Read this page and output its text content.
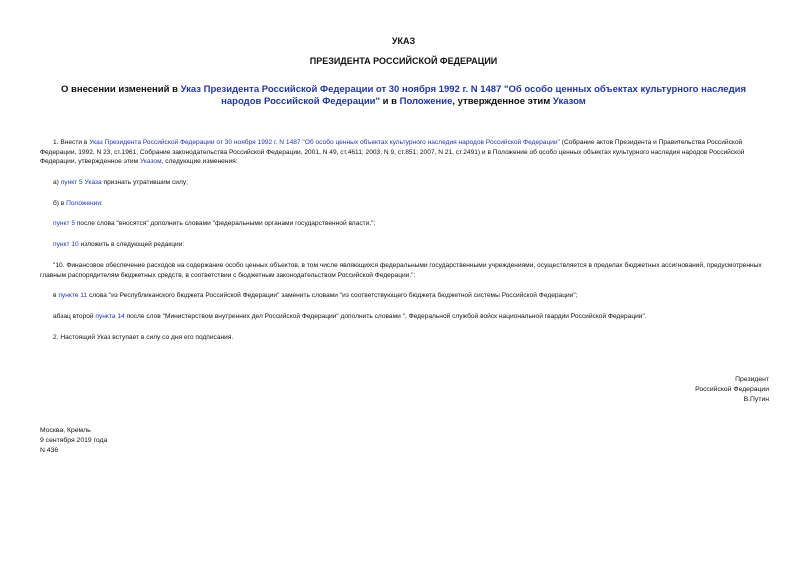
УКАЗ
ПРЕЗИДЕНТА РОССИЙСКОЙ ФЕДЕРАЦИИ
О внесении изменений в Указ Президента Российской Федерации от 30 ноября 1992 г. N 1487 "Об особо ценных объектах культурного наследия народов Российской Федерации" и в Положение, утвержденное этим Указом

1. Внести в Указ Президента Российской Федерации от 30 ноября 1992 г. N 1487 "Об особо ценных объектах культурного наследия народов Российской Федерации" (Собрание актов Президента и Правительства Российской Федерации, 1992, N 23, ст.1961; Собрание законодательства Российской Федерации, 2001, N 49, ст.4611; 2003, N 9, ст.851; 2007, N 21, ст.2491) и в Положение об особо ценных объектах культурного наследия народов Российской Федерации, утвержденное этим Указом, следующие изменения:

а) пункт 5 Указа признать утратившим силу;

б) в Положении:

пункт 5 после слова "вносятся" дополнить словами "федеральными органами государственной власти,";

пункт 10 изложить в следующей редакции:

"10. Финансовое обеспечение расходов на содержание особо ценных объектов, в том числе являющихся федеральными государственными учреждениями, осуществляется в пределах бюджетных ассигнований, предусмотренных главным распорядителям бюджетных средств, в соответствии с бюджетным законодательством Российской Федерации.";

в пункте 11 слова "из Республиканского бюджета Российской Федерации" заменить словами "из соответствующего бюджета бюджетной системы Российской Федерации";

абзац второй пункта 14 после слов "Министерством внутренних дел Российской Федерации" дополнить словами ", Федеральной службой войск национальной гвардии Российской Федерации".

2. Настоящий Указ вступает в силу со дня его подписания.

Президент
Российской Федерации
В.Путин
Москва, Кремль
9 сентября 2019 года
N 436
